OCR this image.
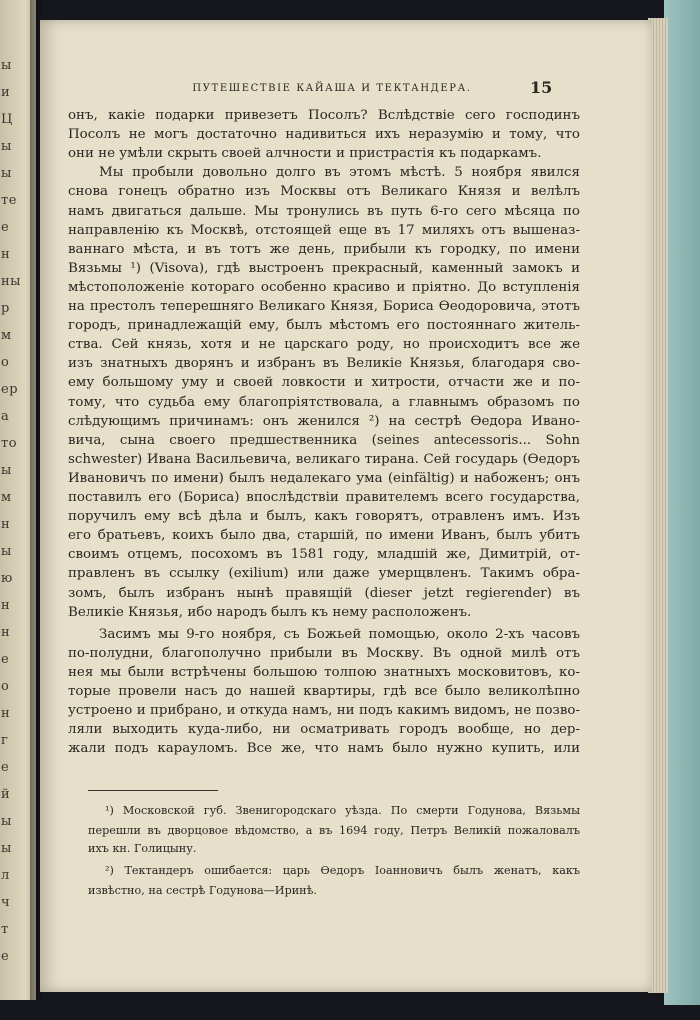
ы
и
Ц
ы
ы
те
е
н
ны
р
м
о
ер
а
то
ы
м
н
ы
ю
н
н
е
о
н
г
е
й
ы
ы
л
ч
т
е
ПУТЕШЕСТВІЕ КАЙАША И ТЕКТАНДЕРА.	15
онъ, какіе подарки привезетъ Посолъ? Вслѣдствіе сего господинъ
Посолъ не могъ достаточно надивиться ихъ неразумію и тому, что
они не умѣли скрыть своей алчности и пристрастія къ подаркамъ.
Мы пробыли довольно долго въ этомъ мѣстѣ. 5 ноября явился
снова гонецъ обратно изъ Москвы отъ Великаго Князя и велѣлъ
намъ двигаться дальше. Мы тронулись въ путь 6-го сего мѣсяца по
направленію къ Москвѣ, отстоящей еще въ 17 миляхъ отъ вышеназ-
ваннаго мѣста, и въ тотъ же день, прибыли къ городку, по имени
Вязьмы ¹) (Visova), гдѣ выстроенъ прекрасный, каменный замокъ и
мѣстоположеніе котораго особенно красиво и пріятно. До вступленія
на престолъ теперешняго Великаго Князя, Бориса Ѳеодоровича, этотъ
городъ, принадлежащій ему, былъ мѣстомъ его постояннаго житель-
ства. Сей князь, хотя и не царскаго роду, но происходитъ все же
изъ знатныхъ дворянъ и избранъ въ Великіе Князья, благодаря сво-
ему большому уму и своей ловкости и хитрости, отчасти же и по-
тому, что судьба ему благопріятствовала, а главнымъ образомъ по
слѣдующимъ причинамъ: онъ женился ²) на сестрѣ Ѳедора Ивано-
вича, сына своего предшественника (seines antecessoris... Sohn
schwester) Ивана Васильевича, великаго тирана. Сей государь (Ѳедоръ
Ивановичъ по имени) былъ недалекаго ума (einfältig) и набоженъ; онъ
поставилъ его (Бориса) впослѣдствіи правителемъ всего государства,
поручилъ ему всѣ дѣла и былъ, какъ говорятъ, отравленъ имъ. Изъ
его братьевъ, коихъ было два, старшій, по имени Иванъ, былъ убитъ
своимъ отцемъ, посохомъ въ 1581 году, младшій же, Димитрій, от-
правленъ въ ссылку (exilium) или даже умерщвленъ. Такимъ обра-
зомъ, былъ избранъ нынѣ правящій (dieser jetzt regierender) въ
Великіе Князья, ибо народъ былъ къ нему расположенъ.
Засимъ мы 9-го ноября, съ Божьей помощью, около 2-хъ часовъ
по-полудни, благополучно прибыли въ Москву. Въ одной милѣ отъ
нея мы были встрѣчены большою толпою знатныхъ московитовъ, ко-
торые провели насъ до нашей квартиры, гдѣ все было великолѣпно
устроено и прибрано, и откуда намъ, ни подъ какимъ видомъ, не позво-
ляли выходить куда-либо, ни осматривать городъ вообще, но дер-
жали подъ карауломъ. Все же, что намъ было нужно купить, или
¹) Московской губ. Звенигородскаго уѣзда. По смерти Годунова, Вязьмы
перешли въ дворцовое вѣдомство, а въ 1694 году, Петръ Великій пожаловалъ
ихъ кн. Голицыну.
²) Тектандеръ ошибается: царь Ѳедоръ Іоанновичъ былъ женатъ, какъ
извѣстно, на сестрѣ Годунова—Иринѣ.
